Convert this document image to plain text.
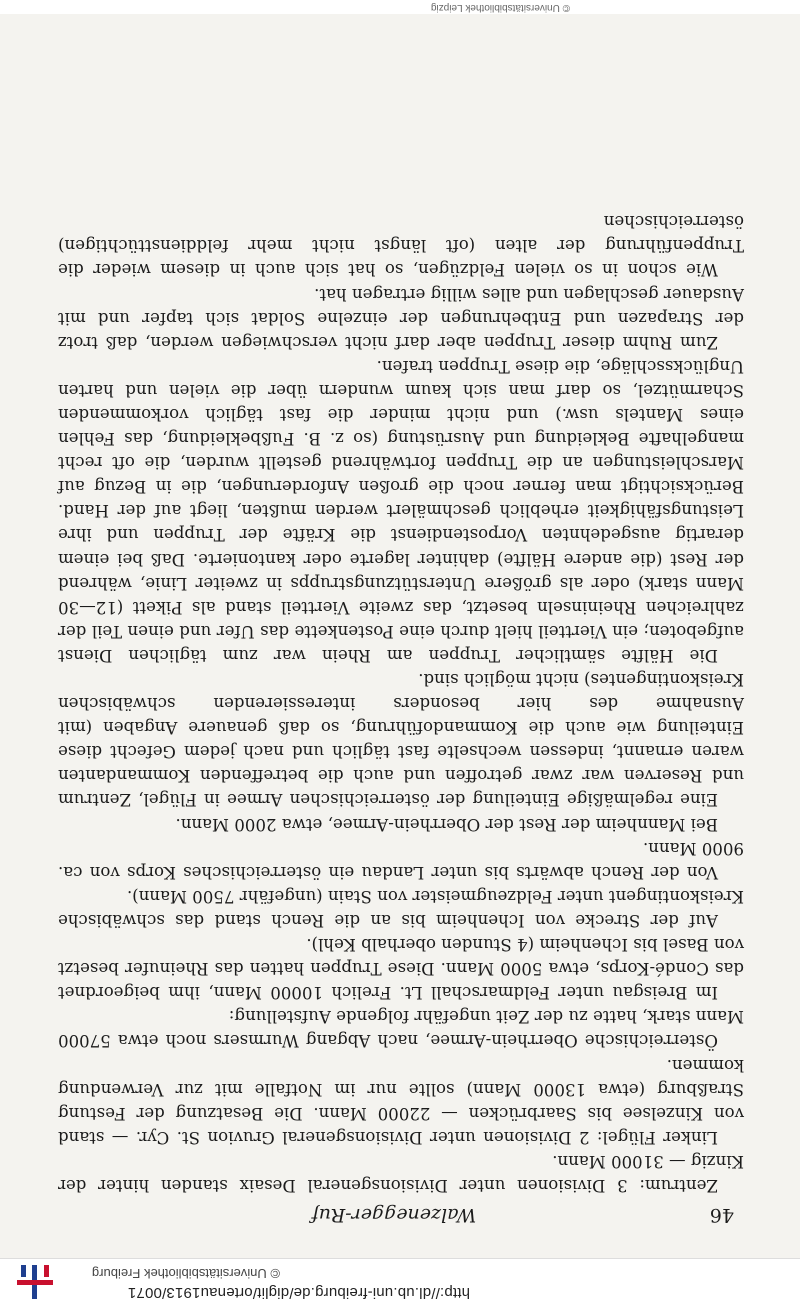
46
Walzenegger-Ruf

Zentrum: 3 Divisionen unter Divisionsgeneral Desaix standen hinter der Kinzig — 31000 Mann.

Linker Flügel: 2 Divisionen unter Divisionsgeneral Gruvion St. Cyr. — stand von Kinzelsee bis Saarbrücken — 22000 Mann. Die Besatzung der Festung Straßburg (etwa 13000 Mann) sollte nur im Notfalle mit zur Verwendung kommen.

Österreichische Oberrhein-Armee, nach Abgang Wurmsers noch etwa 57000 Mann stark, hatte zu der Zeit ungefähr folgende Aufstellung:

Im Breisgau unter Feldmarschall Lt. Frelich 10000 Mann, ihm beigeordnet das Condé-Korps, etwa 5000 Mann. Diese Truppen hatten das Rheinufer besetzt von Basel bis Ichenheim (4 Stunden oberhalb Kehl).

Auf der Strecke von Ichenheim bis an die Rench stand das schwäbische Kreiskontingent unter Feldzeugmeister von Stain (ungefähr 7500 Mann).

Von der Rench abwärts bis unter Landau ein österreichisches Korps von ca. 9000 Mann.

Bei Mannheim der Rest der Oberrhein-Armee, etwa 2000 Mann.

Eine regelmäßige Einteilung der österreichischen Armee in Flügel, Zentrum und Reserven war zwar getroffen und auch die betreffenden Kommandanten waren ernannt, indessen wechselte fast täglich und nach jedem Gefecht diese Einteilung wie auch die Kommandoführung, so daß genauere Angaben (mit Ausnahme des hier besonders interessierenden schwäbischen Kreiskontingentes) nicht möglich sind.

Die Hälfte sämtlicher Truppen am Rhein war zum täglichen Dienst aufgeboten; ein Viertteil hielt durch eine Postenkette das Ufer und einen Teil der zahlreichen Rheininseln besetzt, das zweite Viertteil stand als Pikett (12—30 Mann stark) oder als größere Unterstützungstrupps in zweiter Linie, während der Rest (die andere Hälfte) dahinter lagerte oder kantonierte. Daß bei einem derartig ausgedehnten Vorpostendienst die Kräfte der Truppen und ihre Leistungsfähigkeit erheblich geschmälert werden mußten, liegt auf der Hand. Berücksichtigt man ferner noch die großen Anforderungen, die in Bezug auf Marschleistungen an die Truppen fortwährend gestellt wurden, die oft recht mangelhafte Bekleidung und Ausrüstung (so z. B. Fußbekleidung, das Fehlen eines Mantels usw.) und nicht minder die fast täglich vorkommenden Scharmützel, so darf man sich kaum wundern über die vielen und harten Unglücksschläge, die diese Truppen trafen.

Zum Ruhm dieser Truppen aber darf nicht verschwiegen werden, daß trotz der Strapazen und Entbehrungen der einzelne Soldat sich tapfer und mit Ausdauer geschlagen und alles willig ertragen hat.

Wie schon in so vielen Feldzügen, so hat sich auch in diesem wieder die Truppenführung der alten (oft längst nicht mehr felddiensttüchtigen) österreichischen

© Universitätsbibliothek Leipzig
http://dl.ub.uni-freiburg.de/diglit/ortenau1913/0071
© Universitätsbibliothek Freiburg
